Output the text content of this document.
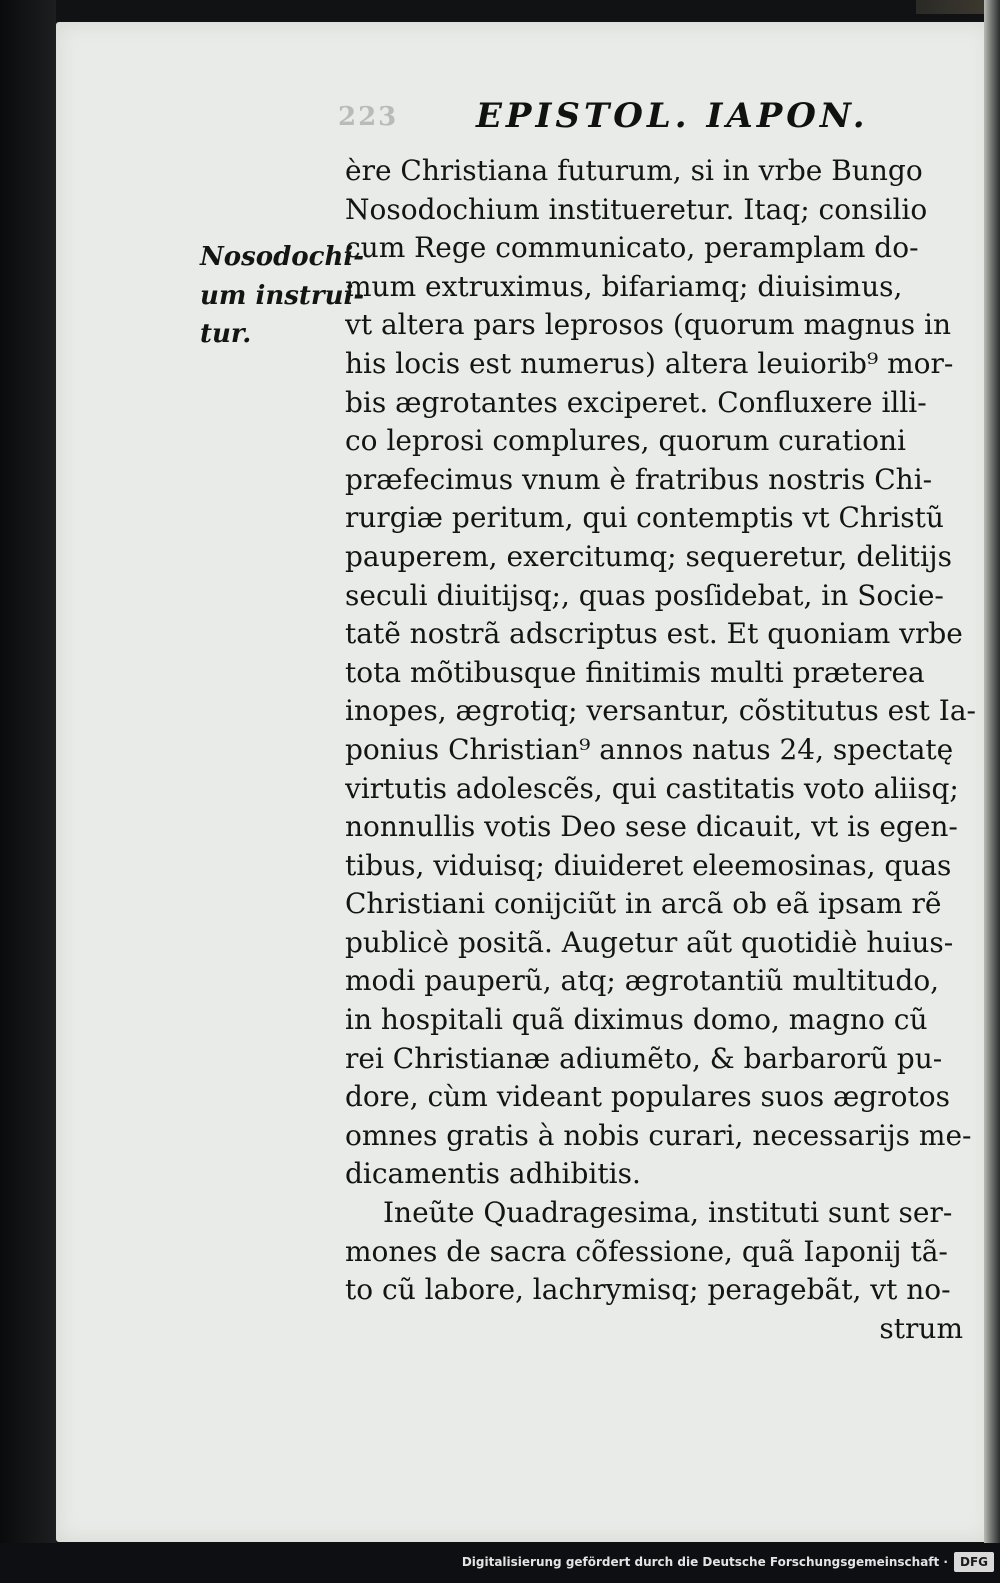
223 EPISTOL. IAPON.
Nosodochi-
um instrui-
tur.
ère Christiana futurum, si in vrbe Bungo
Nosodochium institueretur. Itaq; consilio
cum Rege communicato, peramplam do-
mum extruximus, bifariamq; diuisimus,
vt altera pars leprosos (quorum magnus in
his locis est numerus) altera leuiorib⁹ mor-
bis ægrotantes exciperet. Confluxere illi-
co leprosi complures, quorum curationi
præfecimus vnum è fratribus nostris Chi-
rurgiæ peritum, qui contemptis vt Christũ
pauperem, exercitumq; sequeretur, delitijs
seculi diuitijsq;, quas posſidebat, in Socie-
tatẽ nostrã adscriptus est. Et quoniam vrbe
tota mõtibusque finitimis multi præterea
inopes, ægrotiq; versantur, cõstitutus est Ia-
ponius Christian⁹ annos natus 24, spectatę
virtutis adolescẽs, qui castitatis voto aliisq;
nonnullis votis Deo sese dicauit, vt is egen-
tibus, viduisq; diuideret eleemosinas, quas
Christiani conijciũt in arcã ob eã ipsam rẽ
publicè positã. Augetur aũt quotidiè huius-
modi pauperũ, atq; ægrotantiũ multitudo,
in hospitali quã diximus domo, magno cũ
rei Christianæ adiumẽto, & barbarorũ pu-
dore, cùm videant populares suos ægrotos
omnes gratis à nobis curari, necessarijs me-
dicamentis adhibitis.
Ineũte Quadragesima, instituti sunt ser-
mones de sacra cõfessione, quã Iaponij tã-
to cũ labore, lachrymisq; peragebãt, vt no-
strum
Digitalisierung gefördert durch die Deutsche Forschungsgemeinschaft · DFG
